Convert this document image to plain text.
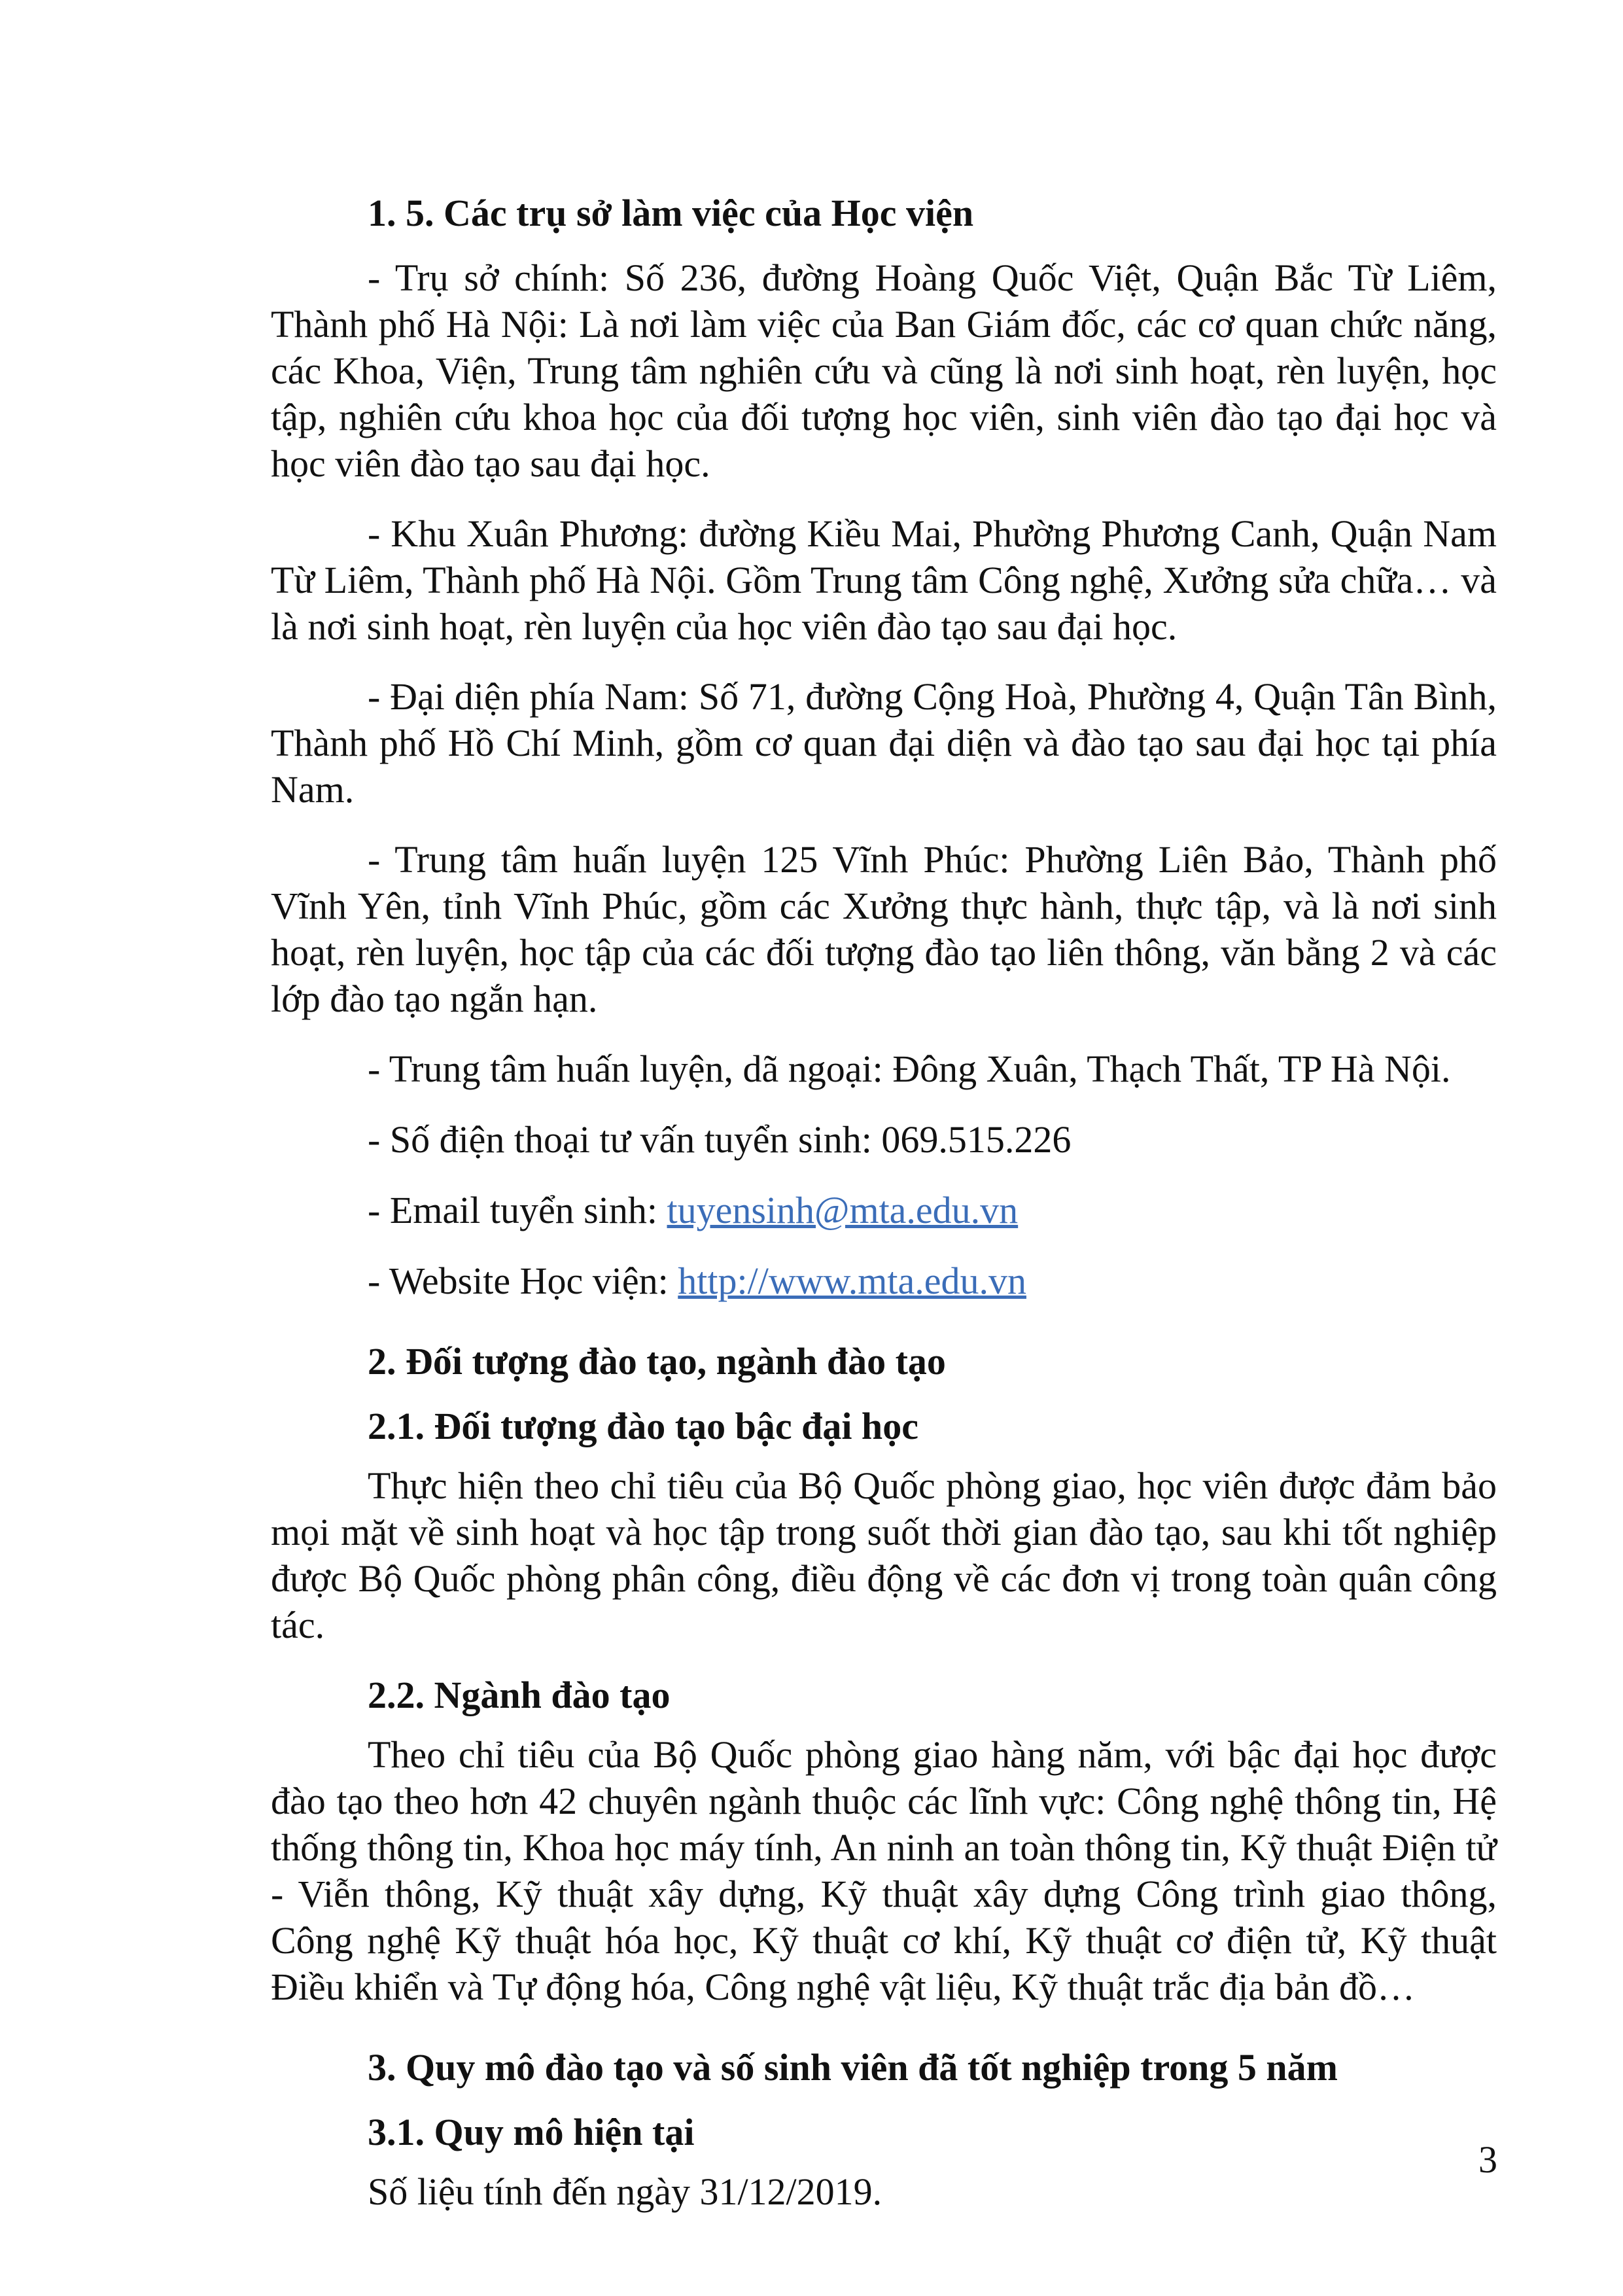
1. 5. Các trụ sở làm việc của Học viện

- Trụ sở chính: Số 236, đường Hoàng Quốc Việt, Quận Bắc Từ Liêm, Thành phố Hà Nội: Là nơi làm việc của Ban Giám đốc, các cơ quan chức năng, các Khoa, Viện, Trung tâm nghiên cứu và cũng là nơi sinh hoạt, rèn luyện, học tập, nghiên cứu khoa học của đối tượng học viên, sinh viên đào tạo đại học và học viên đào tạo sau đại học.

- Khu Xuân Phương: đường Kiều Mai, Phường Phương Canh, Quận Nam Từ Liêm, Thành phố Hà Nội. Gồm Trung tâm Công nghệ, Xưởng sửa chữa… và là nơi sinh hoạt, rèn luyện của học viên đào tạo sau đại học.

- Đại diện phía Nam: Số 71, đường Cộng Hoà, Phường 4, Quận Tân Bình, Thành phố Hồ Chí Minh, gồm cơ quan đại diện và đào tạo sau đại học tại phía Nam.

- Trung tâm huấn luyện 125 Vĩnh Phúc: Phường Liên Bảo, Thành phố Vĩnh Yên, tỉnh Vĩnh Phúc, gồm các Xưởng thực hành, thực tập, và là nơi sinh hoạt, rèn luyện, học tập của các đối tượng đào tạo liên thông, văn bằng 2 và các lớp đào tạo ngắn hạn.

- Trung tâm huấn luyện, dã ngoại: Đông Xuân, Thạch Thất, TP Hà Nội.

- Số điện thoại tư vấn tuyển sinh: 069.515.226

- Email tuyển sinh: tuyensinh@mta.edu.vn

- Website Học viện: http://www.mta.edu.vn

2. Đối tượng đào tạo, ngành đào tạo

2.1. Đối tượng đào tạo bậc đại học

Thực hiện theo chỉ tiêu của Bộ Quốc phòng giao, học viên được đảm bảo mọi mặt về sinh hoạt và học tập trong suốt thời gian đào tạo, sau khi tốt nghiệp được Bộ Quốc phòng phân công, điều động về các đơn vị trong toàn quân công tác.

2.2. Ngành đào tạo

Theo chỉ tiêu của Bộ Quốc phòng giao hàng năm, với bậc đại học được đào tạo theo hơn 42 chuyên ngành thuộc các lĩnh vực: Công nghệ thông tin, Hệ thống thông tin, Khoa học máy tính, An ninh an toàn thông tin, Kỹ thuật Điện tử - Viễn thông, Kỹ thuật xây dựng, Kỹ thuật xây dựng Công trình giao thông, Công nghệ Kỹ thuật hóa học, Kỹ thuật cơ khí, Kỹ thuật cơ điện tử, Kỹ thuật Điều khiển và Tự động hóa, Công nghệ vật liệu, Kỹ thuật trắc địa bản đồ…

3. Quy mô đào tạo và số sinh viên đã tốt nghiệp trong 5 năm

3.1. Quy mô hiện tại

Số liệu tính đến ngày 31/12/2019.

3
